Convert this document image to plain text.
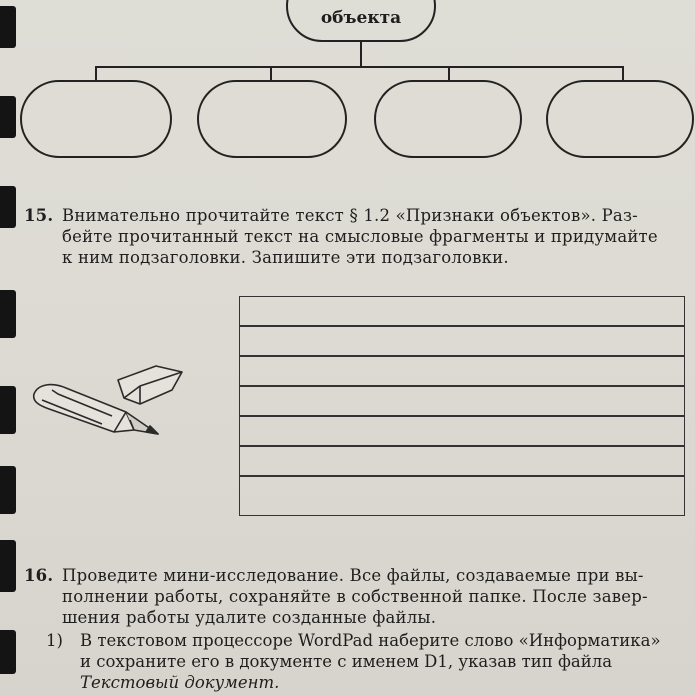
объекта
15. Внимательно прочитайте текст § 1.2 «Признаки объектов». Раз-
бейте прочитанный текст на смысловые фрагменты и придумайте
к ним подзаголовки. Запишите эти подзаголовки.
16. Проведите мини-исследование. Все файлы, создаваемые при вы-
полнении работы, сохраняйте в собственной папке. После завер-
шения работы удалите созданные файлы.
1) В текстовом процессоре WordPad наберите слово «Информатика»
и сохраните его в документе с именем D1, указав тип файла
Текстовый документ.
